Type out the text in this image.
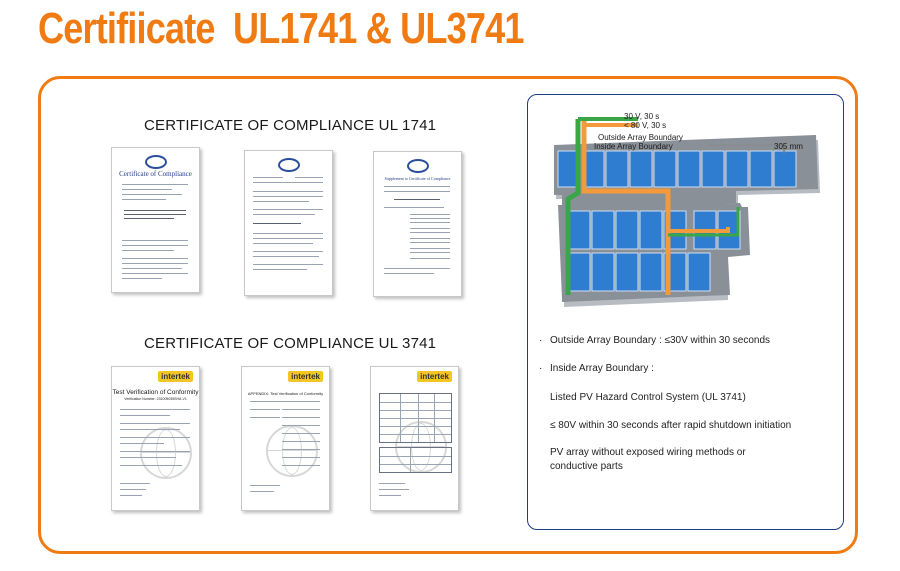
Certifiicate  UL1741 & UL3741
CERTIFICATE OF COMPLIANCE UL 1741
Certificate of Compliance
Supplement to Certificate of Compliance
CERTIFICATE OF COMPLIANCE UL 3741
intertek
Test Verification of Conformity
Verification Number: 231005035SHA-V1
intertek
APPENDIX: Test Verification of Conformity
intertek
30 V, 30 s
< 80 V, 30 s
Outside Array Boundary
Inside Array Boundary	305 mm
· Outside Array Boundary : ≤30V within 30 seconds
· Inside Array Boundary :
Listed PV Hazard Control System (UL 3741)
≤ 80V within 30 seconds after rapid shutdown initiation
PV array without exposed wiring methods or
conductive parts
